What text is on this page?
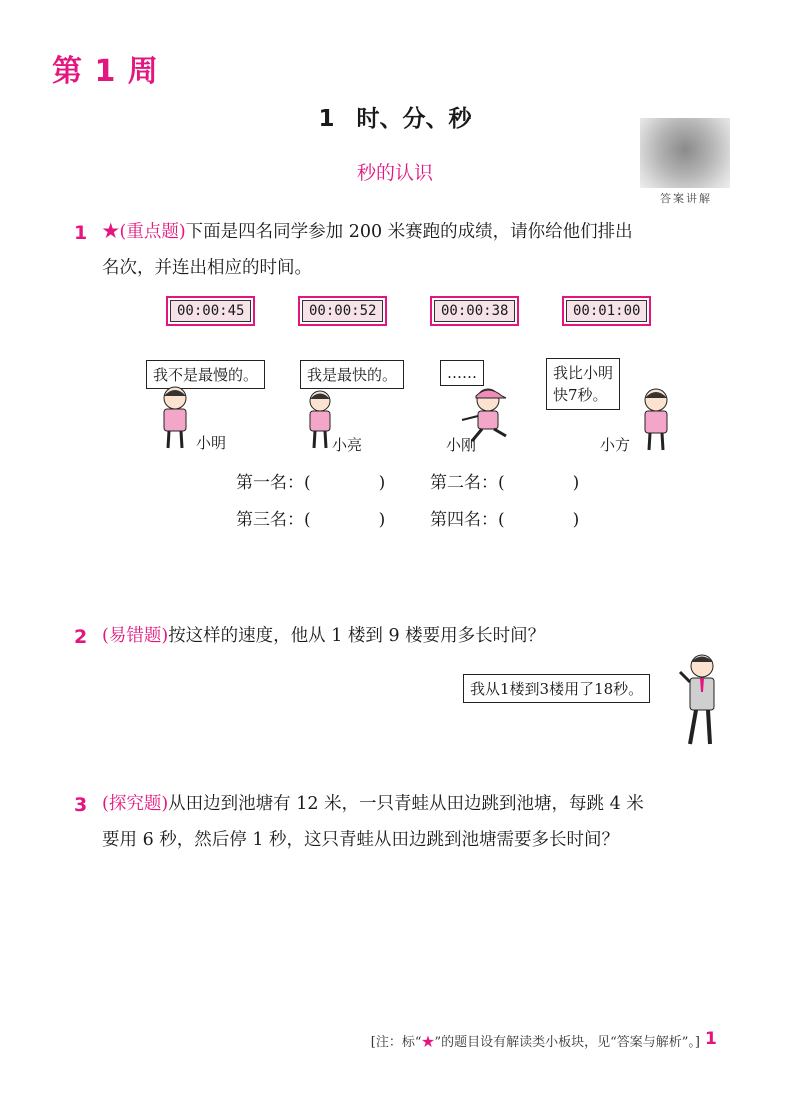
第 1 周
1 时、分、秒
答案讲解
秒的认识
1 ★(重点题)下面是四名同学参加 200 米赛跑的成绩，请你给他们排出
名次，并连出相应的时间。
00:00:45	00:00:52	00:00:38	00:01:00
我不是最慢的。	我是最快的。	……	我比小明
快7秒。
小明	小亮	小刚	小方
第一名：(　　　　)	第二名：(　　　　)
第三名：(　　　　)	第四名：(　　　　)
2 (易错题)按这样的速度，他从 1 楼到 9 楼要用多长时间？
我从1楼到3楼用了18秒。
3 (探究题)从田边到池塘有 12 米，一只青蛙从田边跳到池塘，每跳 4 米
要用 6 秒，然后停 1 秒，这只青蛙从田边跳到池塘需要多长时间？
[注：标“★”的题目设有解读类小板块，见“答案与解析”。] 1
